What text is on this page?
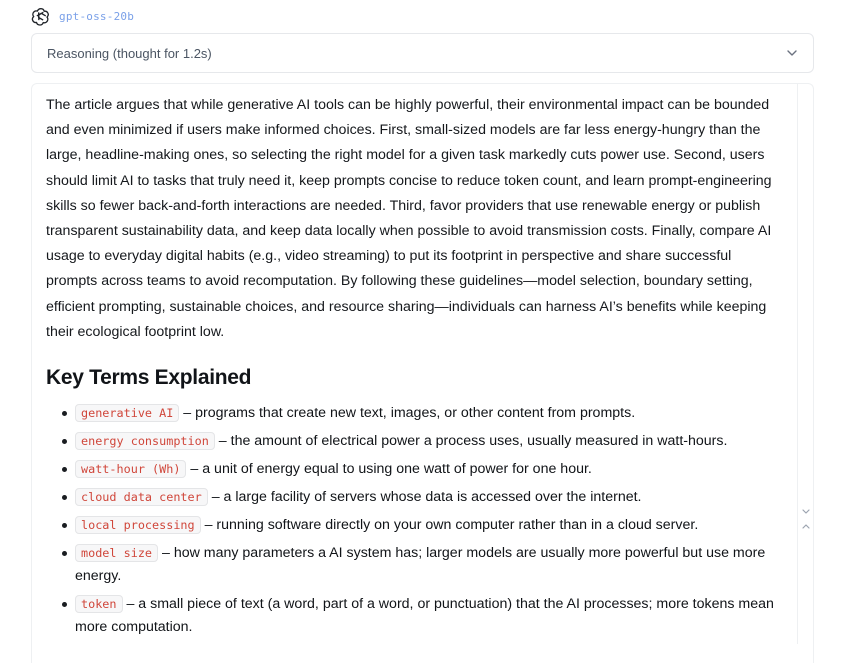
gpt-oss-20b
Reasoning (thought for 1.2s)

The article argues that while generative AI tools can be highly powerful, their environmental impact can be bounded and even minimized if users make informed choices. First, small-sized models are far less energy-hungry than the large, headline-making ones, so selecting the right model for a given task markedly cuts power use. Second, users should limit AI to tasks that truly need it, keep prompts concise to reduce token count, and learn prompt-engineering skills so fewer back-and-forth interactions are needed. Third, favor providers that use renewable energy or publish transparent sustainability data, and keep data locally when possible to avoid transmission costs. Finally, compare AI usage to everyday digital habits (e.g., video streaming) to put its footprint in perspective and share successful prompts across teams to avoid recomputation. By following these guidelines—model selection, boundary setting, efficient prompting, sustainable choices, and resource sharing—individuals can harness AI’s benefits while keeping their ecological footprint low.

Key Terms Explained
generative AI – programs that create new text, images, or other content from prompts.
energy consumption – the amount of electrical power a process uses, usually measured in watt-hours.
watt-hour (Wh) – a unit of energy equal to using one watt of power for one hour.
cloud data center – a large facility of servers whose data is accessed over the internet.
local processing – running software directly on your own computer rather than in a cloud server.
model size – how many parameters a AI system has; larger models are usually more powerful but use more energy.
token – a small piece of text (a word, part of a word, or punctuation) that the AI processes; more tokens mean more computation.
